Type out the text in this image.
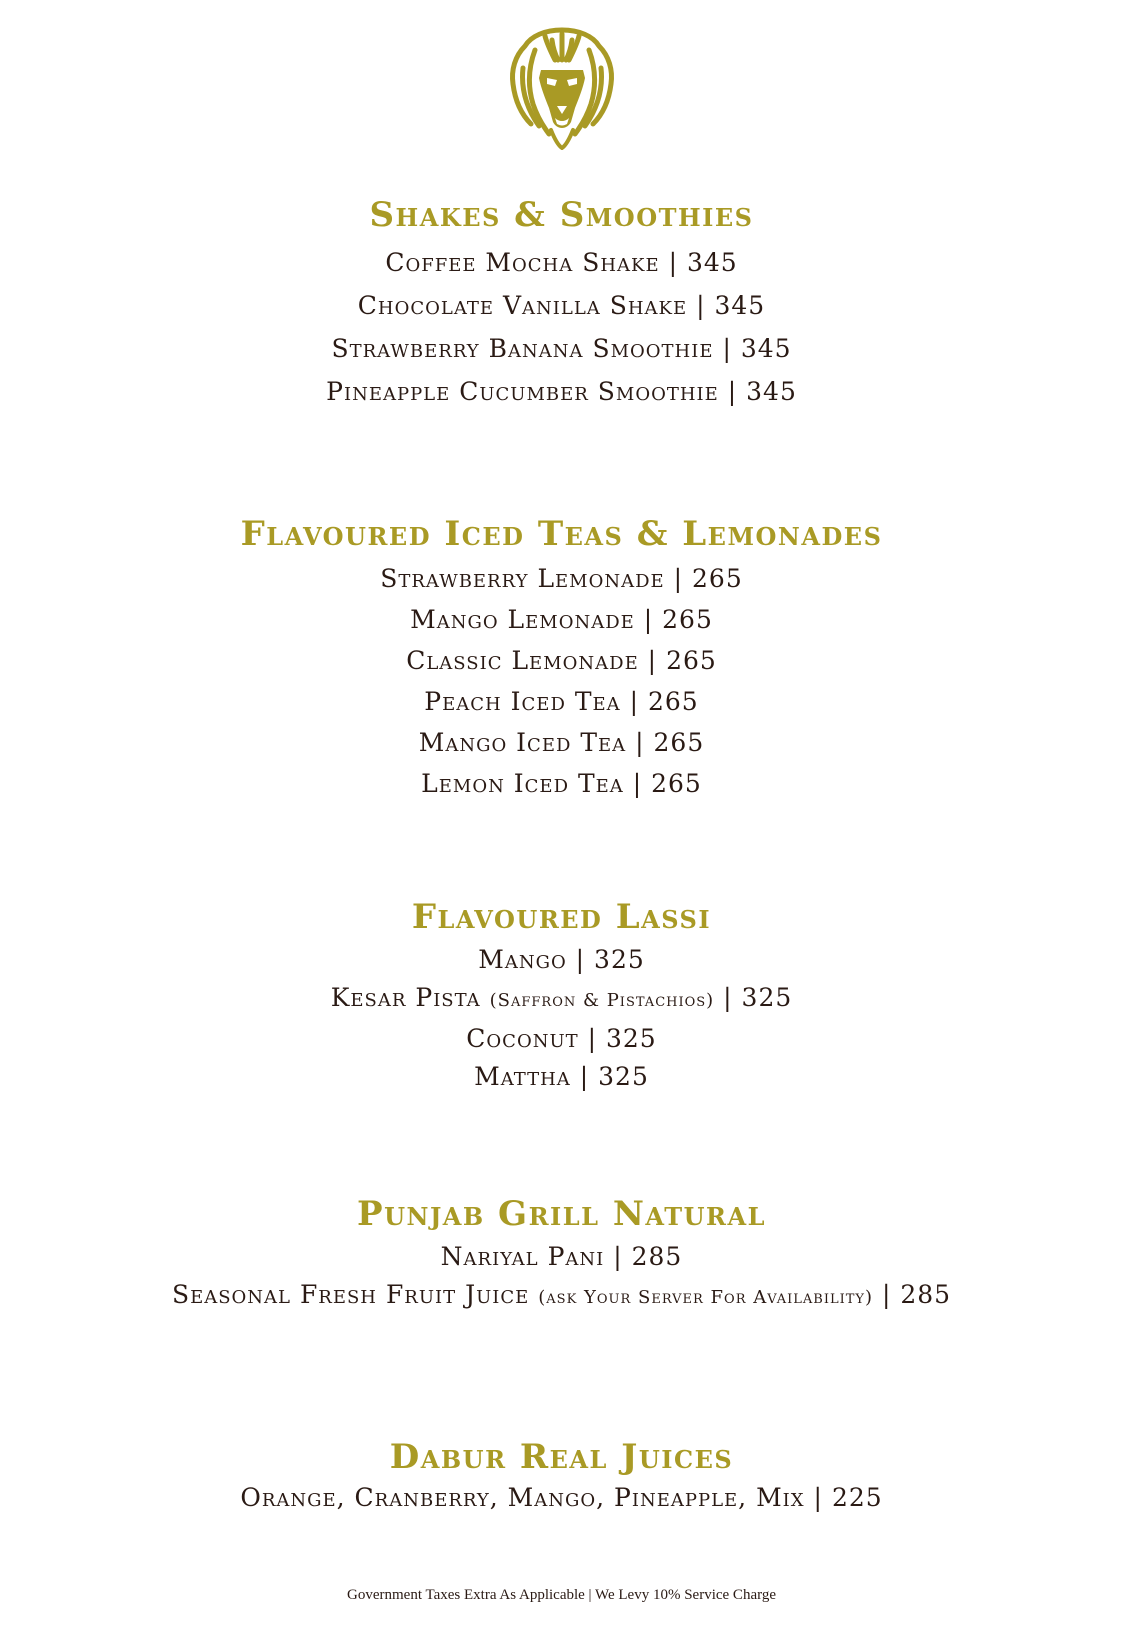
Shakes & Smoothies
Coffee Mocha Shake | 345
Chocolate Vanilla Shake | 345
Strawberry Banana Smoothie | 345
Pineapple Cucumber Smoothie | 345
Flavoured Iced Teas & Lemonades
Strawberry Lemonade | 265
Mango Lemonade | 265
Classic Lemonade | 265
Peach Iced Tea | 265
Mango Iced Tea | 265
Lemon Iced Tea | 265
Flavoured Lassi
Mango | 325
Kesar Pista (Saffron & Pistachios) | 325
Coconut | 325
Mattha | 325
Punjab Grill Natural
Nariyal Pani | 285
Seasonal Fresh Fruit Juice (ask Your Server For Availability) | 285
Dabur Real Juices
Orange, Cranberry, Mango, Pineapple, Mix | 225
Government Taxes Extra As Applicable | We Levy 10% Service Charge
